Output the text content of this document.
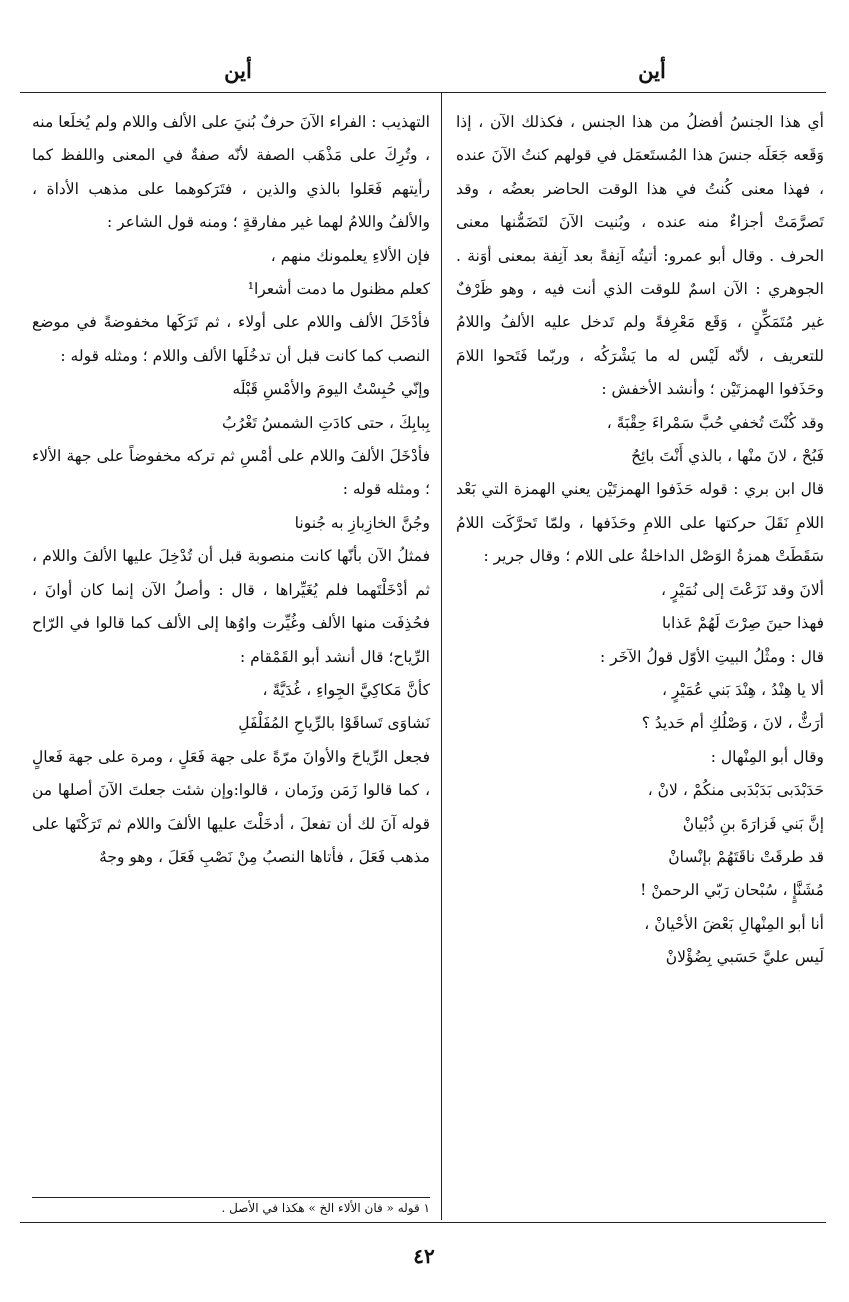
أين
أين

أي هذا الجنسُ أفضلُ من هذا الجنس ، فكذلك الآن ، إذا وَقَعه جَعَلَه جنسَ هذا المُستَعمَل في قولهم كنتُ الآنَ عنده ، فهذا معنى كُنتُ في هذا الوقت الحاضر بعضُه ، وقد تَصرَّمَتْ أجزاءٌ منه عنده ، وبُنيت الآنَ لتَضَمُّنها معنى الحرف . وقال أبو عمرو: أتيتُه آنِفةً بعد آنِفة بمعنى أوَنة . الجوهري : الآن اسمٌ للوقت الذي أنت فيه ، وهو ظَرْفٌ غير مُتَمَكِّنٍ ، وَقَع مَعْرِفةً ولم تَدخل عليه الألفُ واللامُ للتعريف ، لأنّه لَيْس له ما يَشْرَكُه ، وربّما فَتَحوا اللامَ وحَذَفوا الهمزتَيْن ؛ وأنشد الأخفش :

وقد كُنْتَ تُخفي حُبَّ سَمْراءَ حِقْبَةً ،
فَبُحْ ، لانَ منْها ، بالذي أَنْتَ بائِحُ

قال ابن بري : قوله حَذَفوا الهمزتَيْن يعني الهمزة التي بَعْد اللامِ نَقَلَ حركتها على اللامِ وحَذَفها ، ولمّا تَحرَّكَت اللامُ سَقَطَتْ همزةُ الوَصْل الداخلةُ على اللام ؛ وقال جرير :

ألانَ وقد نَزَعْتَ إلى نُمَيْرٍ ،
فهذا حينَ صِرْتَ لَهُمْ عَذابا

قال : ومثْلُ البيتِ الأوّل قولُ الآخَر :

ألا يا هِنْدُ ، هِنْدَ بَني عُمَيْرٍ ،
أرَثٌّ ، لانَ ، وَصْلُكِ أم حَديدُ ؟

وقال أبو المِنْهال :

حَدَبْدَبى بَدَبْدَبى منكُمْ ، لانْ ،
إنَّ بَني فَزارَةَ بنِ ذُبْيانْ
قد طرقَتْ ناقَتَهُمْ بإنْسانْ
مُشَنَّإٍ ، سُبْحان رَبّي الرحمنْ !
أنا أبو المِنْهالِ بَعْضَ الأحْيانْ ،
لَيس عليَّ حَسَبي بِضُؤْلانْ

التهذيب : الفراء الآنَ حرفٌ بُنيَ على الألف واللام ولم يُخلَعا منه ، وتُرِكَ على مَذْهَب الصفة لأنّه صفةٌ في المعنى واللفظ كما رأيتهم فَعَلوا بالذي والذين ، فتَرَكوهما على مذهب الأداة ، والألفُ واللامُ لهما غير مفارقةٍ ؛ ومنه قول الشاعر :

فإن الألاءِ يعلمونك منهم ،
كعلم مظنول ما دمت أشعرا¹

فأدْخَلَ الألف واللام على أولاء ، ثم تَرَكَها مخفوضةً في موضع النصب كما كانت قبل أن تدخُلَها الألف واللام ؛ ومثله قوله :

وإنّي حُبِسْتُ اليومَ والأمْسِ قَبْلَه
بِبابِكَ ، حتى كادَتِ الشمسُ تَغْرُبُ

فأدْخَلَ الألفَ واللام على أمْسِ ثم تركه مخفوضاً على جهة الألاء ؛ ومثله قوله :

وجُنَّ الخازِبازِ به جُنونا

فمثلُ الآن بأنّها كانت منصوبة قبل أن تُدْخِلَ عليها الألفَ واللام ، ثم أدْخَلْتَهما فلم يُغَيِّراها ، قال : وأصلُ الآن إنما كان أوانَ ، فحُذِفَت منها الألف وغُيِّرت واوُها إلى الألف كما قالوا في الرّاح الرِّياح؛ قال أنشد أبو القَمْقام :

كأنَّ مَكاكِيَّ الجِواءِ ، غُدَيَّةً ،
نَشاوَى تَساقَوْا بالرِّياحِ المُفَلْفَلِ

فجعل الرِّياحَ والأوانَ مرّةً على جهة فَعَلٍ ، ومرة على جهة فَعالٍ ، كما قالوا زَمَن وزَمان ، قالوا:وإن شئت جعلتَ الآنَ أصلها من قوله آنَ لك أن تفعلَ ، أدخَلْتَ عليها الألفَ واللام ثم تَرَكْتَها على مذهب فَعَلَ ، فأتاها النصبُ مِنْ نَصْبِ فَعَلَ ، وهو وجهٌ

١ قوله « فان الألاء الخ » هكذا في الأصل .
٤٢
